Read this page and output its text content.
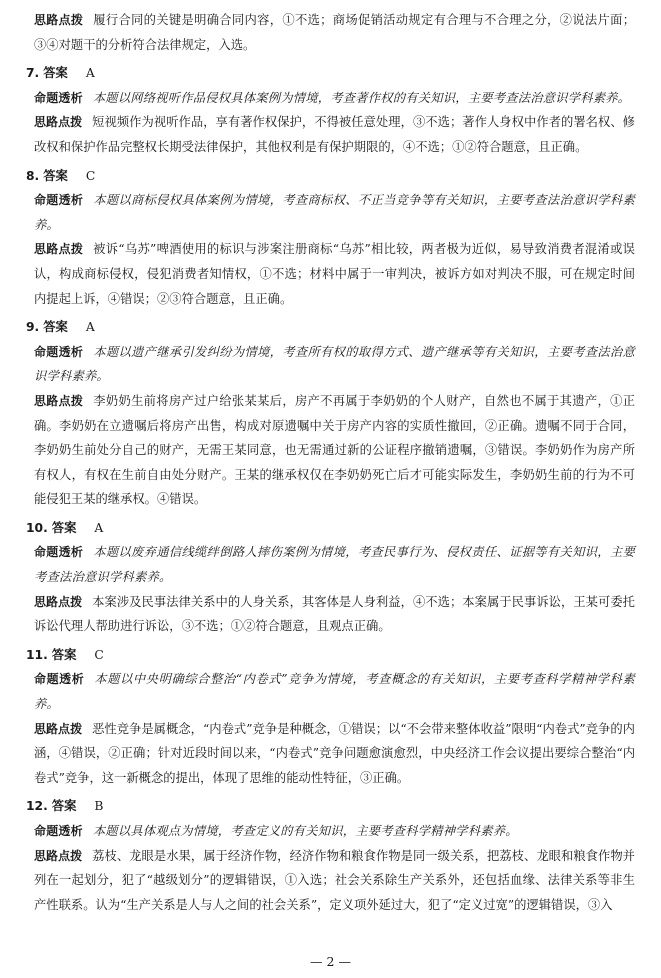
思路点拨 履行合同的关键是明确合同内容，①不选；商场促销活动规定有合理与不合理之分，②说法片面；③④对题干的分析符合法律规定，入选。

7. 答案 A

命题透析 本题以网络视听作品侵权具体案例为情境，考查著作权的有关知识，主要考查法治意识学科素养。

思路点拨 短视频作为视听作品，享有著作权保护，不得被任意处理，③不选；著作人身权中作者的署名权、修改权和保护作品完整权长期受法律保护，其他权利是有保护期限的，④不选；①②符合题意，且正确。

8. 答案 C

命题透析 本题以商标侵权具体案例为情境，考查商标权、不正当竞争等有关知识，主要考查法治意识学科素养。

思路点拨 被诉“乌苏”啤酒使用的标识与涉案注册商标“乌苏”相比较，两者极为近似，易导致消费者混淆或误认，构成商标侵权，侵犯消费者知情权，①不选；材料中属于一审判决，被诉方如对判决不服，可在规定时间内提起上诉，④错误；②③符合题意，且正确。

9. 答案 A

命题透析 本题以遗产继承引发纠纷为情境，考查所有权的取得方式、遗产继承等有关知识，主要考查法治意识学科素养。

思路点拨 李奶奶生前将房产过户给张某某后，房产不再属于李奶奶的个人财产，自然也不属于其遗产，①正确。李奶奶在立遗嘱后将房产出售，构成对原遗嘱中关于房产内容的实质性撤回，②正确。遗嘱不同于合同，李奶奶生前处分自己的财产，无需王某同意，也无需通过新的公证程序撤销遗嘱，③错误。李奶奶作为房产所有权人，有权在生前自由处分财产。王某的继承权仅在李奶奶死亡后才可能实际发生，李奶奶生前的行为不可能侵犯王某的继承权。④错误。

10. 答案 A

命题透析 本题以废弃通信线缆绊倒路人摔伤案例为情境，考查民事行为、侵权责任、证据等有关知识，主要考查法治意识学科素养。

思路点拨 本案涉及民事法律关系中的人身关系，其客体是人身利益，④不选；本案属于民事诉讼，王某可委托诉讼代理人帮助进行诉讼，③不选；①②符合题意，且观点正确。

11. 答案 C

命题透析 本题以中央明确综合整治“内卷式”竞争为情境，考查概念的有关知识，主要考查科学精神学科素养。

思路点拨 恶性竞争是属概念，“内卷式”竞争是种概念，①错误；以“不会带来整体收益”限明“内卷式”竞争的内涵，④错误，②正确；针对近段时间以来，“内卷式”竞争问题愈演愈烈，中央经济工作会议提出要综合整治“内卷式”竞争，这一新概念的提出，体现了思维的能动性特征，③正确。

12. 答案 B

命题透析 本题以具体观点为情境，考查定义的有关知识，主要考查科学精神学科素养。

思路点拨 荔枝、龙眼是水果，属于经济作物，经济作物和粮食作物是同一级关系，把荔枝、龙眼和粮食作物并列在一起划分，犯了“越级划分”的逻辑错误，①入选；社会关系除生产关系外，还包括血缘、法律关系等非生产性联系。认为“生产关系是人与人之间的社会关系”，定义项外延过大，犯了“定义过宽”的逻辑错误，③入

— 2 —
